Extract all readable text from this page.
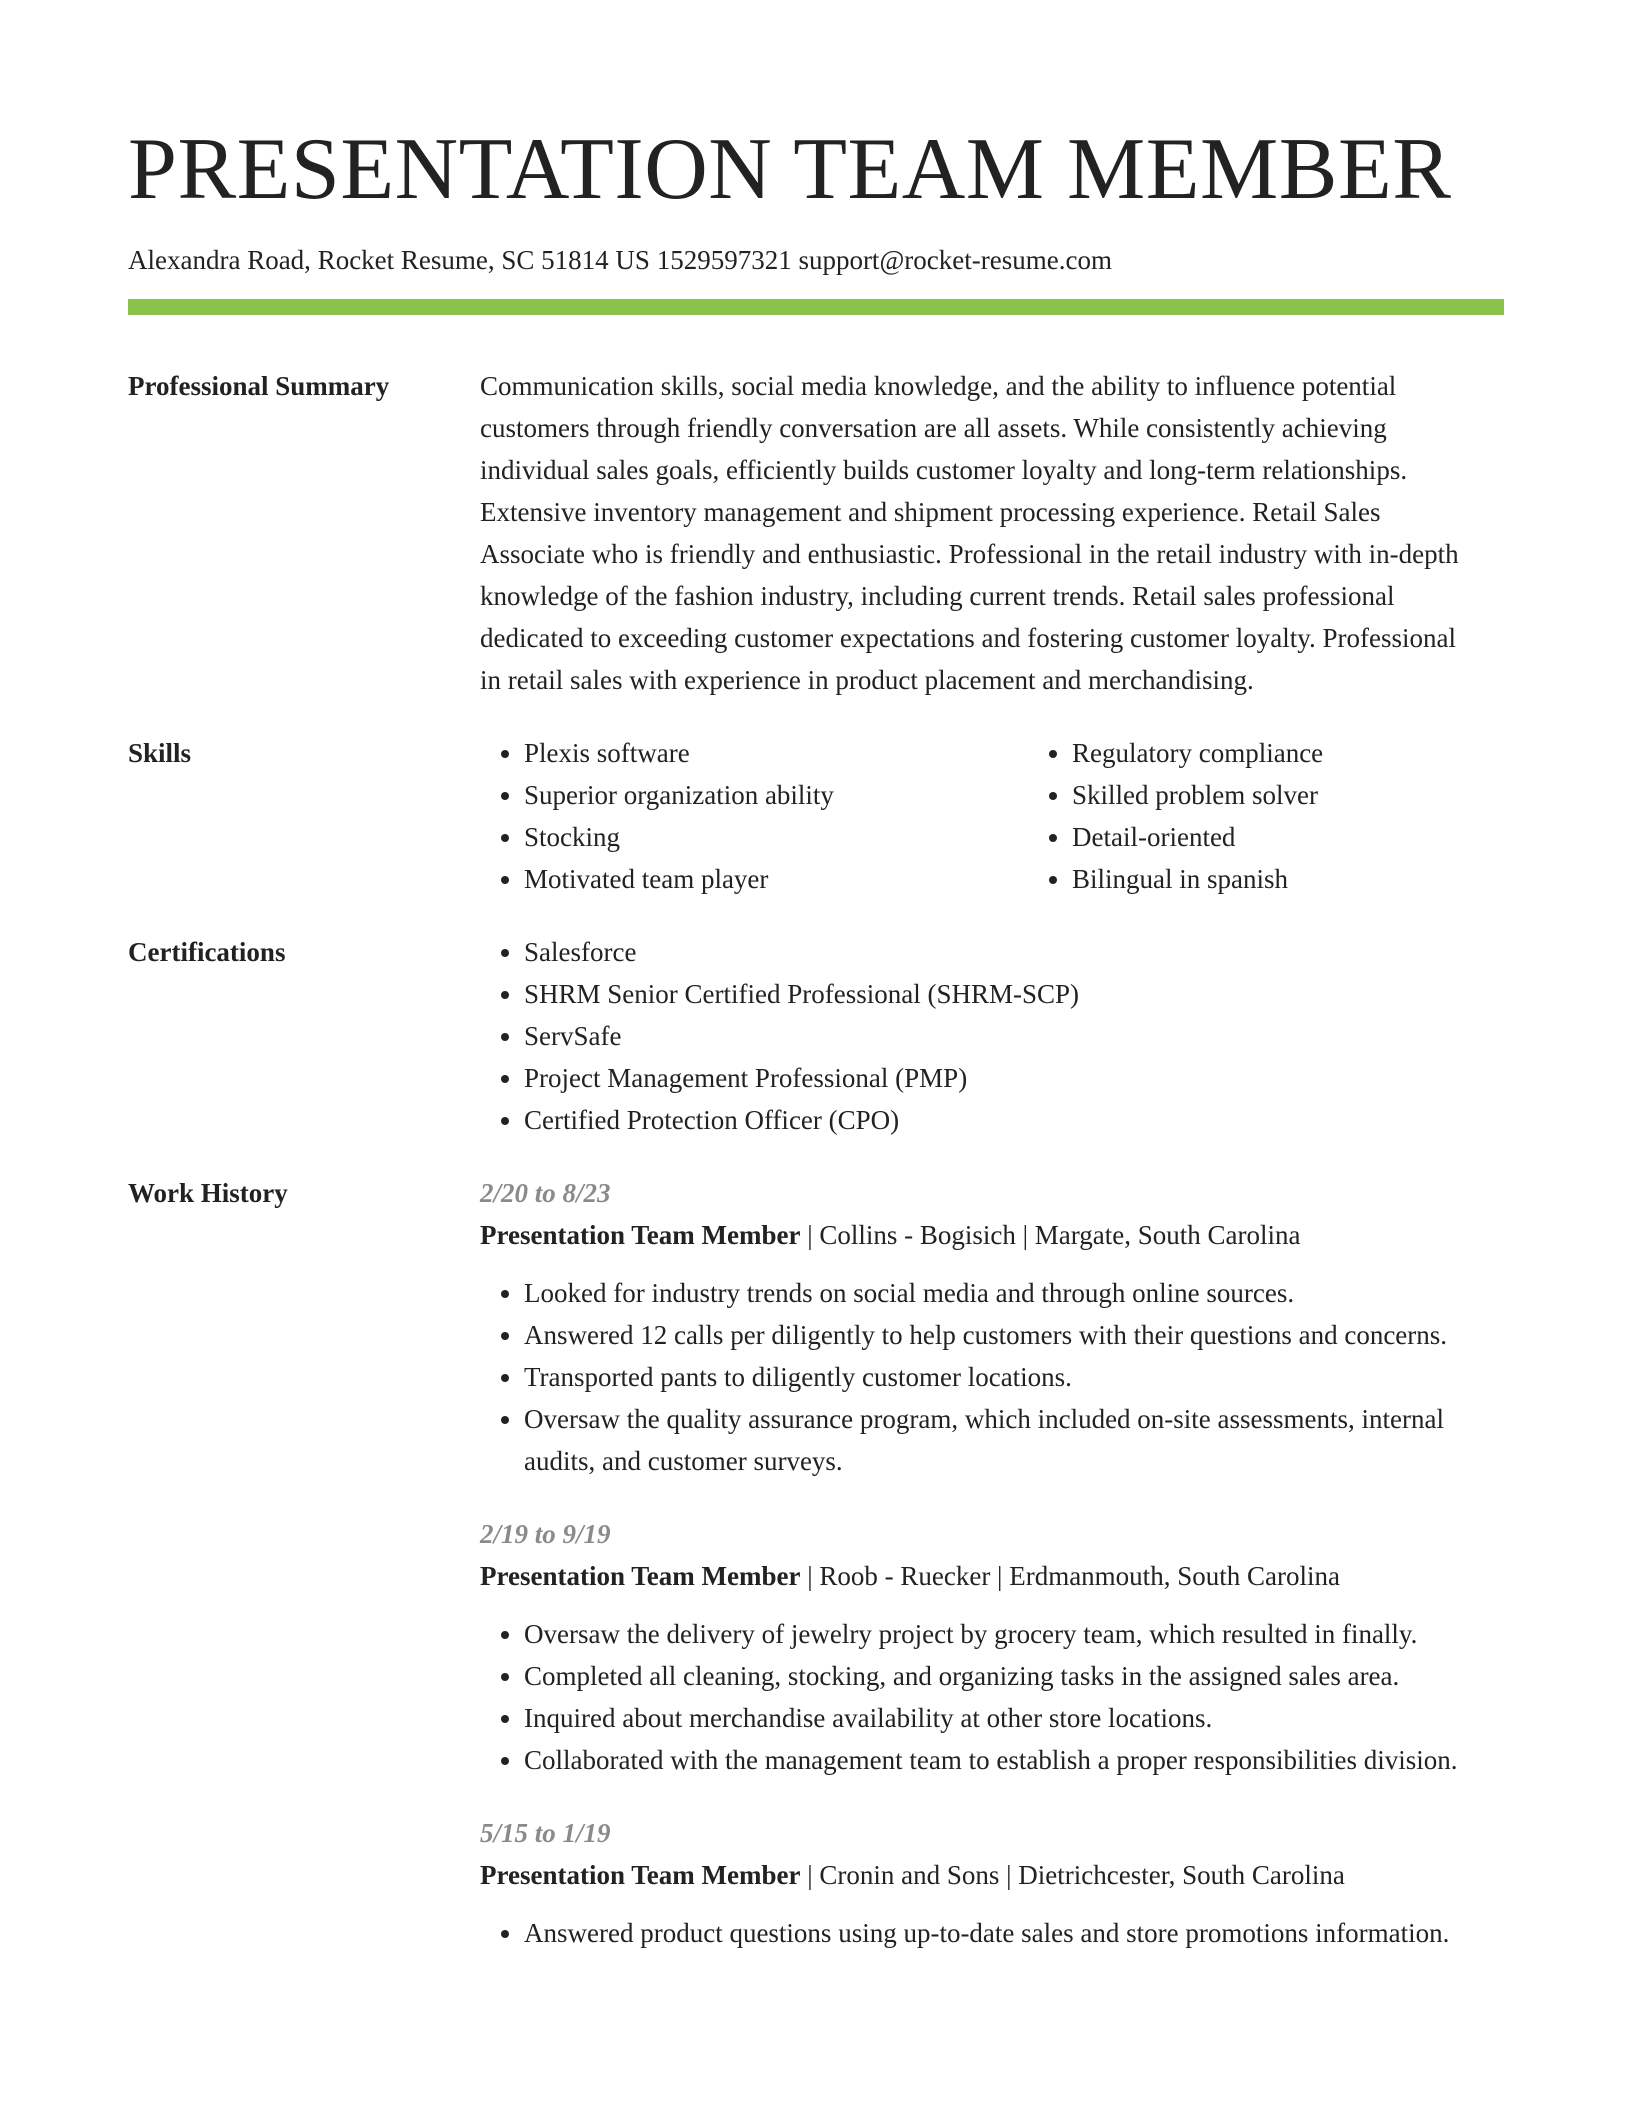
PRESENTATION TEAM MEMBER
Alexandra Road, Rocket Resume, SC 51814 US 1529597321 support@rocket-resume.com
Professional Summary	Communication skills, social media knowledge, and the ability to influence potential customers through friendly conversation are all assets. While consistently achieving individual sales goals, efficiently builds customer loyalty and long-term relationships. Extensive inventory management and shipment processing experience. Retail Sales Associate who is friendly and enthusiastic. Professional in the retail industry with in-depth knowledge of the fashion industry, including current trends. Retail sales professional dedicated to exceeding customer expectations and fostering customer loyalty. Professional in retail sales with experience in product placement and merchandising.

Skills	• Plexis software
• Superior organization ability
• Stocking
• Motivated team player
• Regulatory compliance
• Skilled problem solver
• Detail-oriented
• Bilingual in spanish
Certifications	• Salesforce
• SHRM Senior Certified Professional (SHRM-SCP)
• ServSafe
• Project Management Professional (PMP)
• Certified Protection Officer (CPO)
Work History	2/20 to 8/23
Presentation Team Member | Collins - Bogisich | Margate, South Carolina
• Looked for industry trends on social media and through online sources.
• Answered 12 calls per diligently to help customers with their questions and concerns.
• Transported pants to diligently customer locations.
• Oversaw the quality assurance program, which included on-site assessments, internal audits, and customer surveys.
2/19 to 9/19
Presentation Team Member | Roob - Ruecker | Erdmanmouth, South Carolina
• Oversaw the delivery of jewelry project by grocery team, which resulted in finally.
• Completed all cleaning, stocking, and organizing tasks in the assigned sales area.
• Inquired about merchandise availability at other store locations.
• Collaborated with the management team to establish a proper responsibilities division.
5/15 to 1/19
Presentation Team Member | Cronin and Sons | Dietrichcester, South Carolina
• Answered product questions using up-to-date sales and store promotions information.
